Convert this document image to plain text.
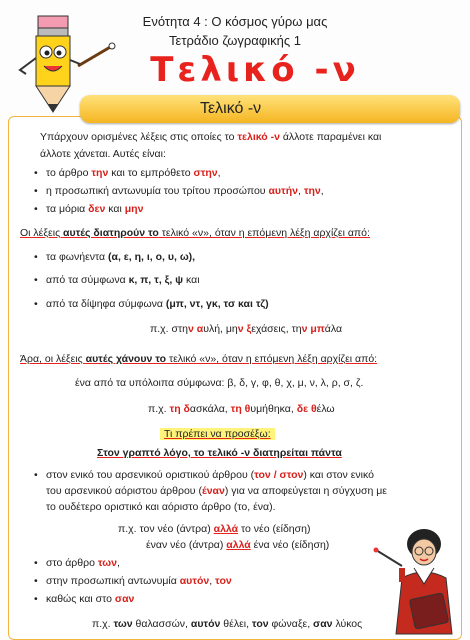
Ενότητα 4 : Ο κόσμος γύρω μας
Τετράδιο ζωγραφικής 1
Τελικό -ν
Τελικό -ν
Υπάρχουν ορισμένες λέξεις στις οποίες το τελικό -ν άλλοτε παραμένει και
άλλοτε χάνεται. Αυτές είναι:
• το άρθρο την και το εμπρόθετο στην,
• η προσωπική αντωνυμία του τρίτου προσώπου αυτήν, την,
• τα μόρια δεν και μην
Οι λέξεις αυτές διατηρούν το τελικό «ν», όταν η επόμενη λέξη αρχίζει από:
• τα φωνήεντα (α, ε, η, ι, ο, υ, ω),
• από τα σύμφωνα κ, π, τ, ξ, ψ και
• από τα δίψηφα σύμφωνα (μπ, ντ, γκ, τσ και τζ)
π.χ. στην αυλή, μην ξεχάσεις, την μπάλα
Άρα, οι λέξεις αυτές χάνουν το τελικό «ν», όταν η επόμενη λέξη αρχίζει από:
ένα από τα υπόλοιπα σύμφωνα: β, δ, γ, φ, θ, χ, μ, ν, λ, ρ, σ, ζ.
π.χ. τη δασκάλα, τη θυμήθηκα, δε θέλω
Τι πρέπει να προσέξω:
Στον γραπτό λόγο, το τελικό -ν διατηρείται πάντα
• στον ενικό του αρσενικού οριστικού άρθρου (τον / στον) και στον ενικό
του αρσενικού αόριστου άρθρου (έναν) για να αποφεύγεται η σύγχυση με
το ουδέτερο οριστικό και αόριστο άρθρο (το, ένα).
π.χ. τον νέο (άντρα) αλλά το νέο (είδηση)
έναν νέο (άντρα) αλλά ένα νέο (είδηση)
• στο άρθρο των,
• στην προσωπική αντωνυμία αυτόν, τον
• καθώς και στο σαν
π.χ. των θαλασσών, αυτόν θέλει, τον φώναξε, σαν λύκος
